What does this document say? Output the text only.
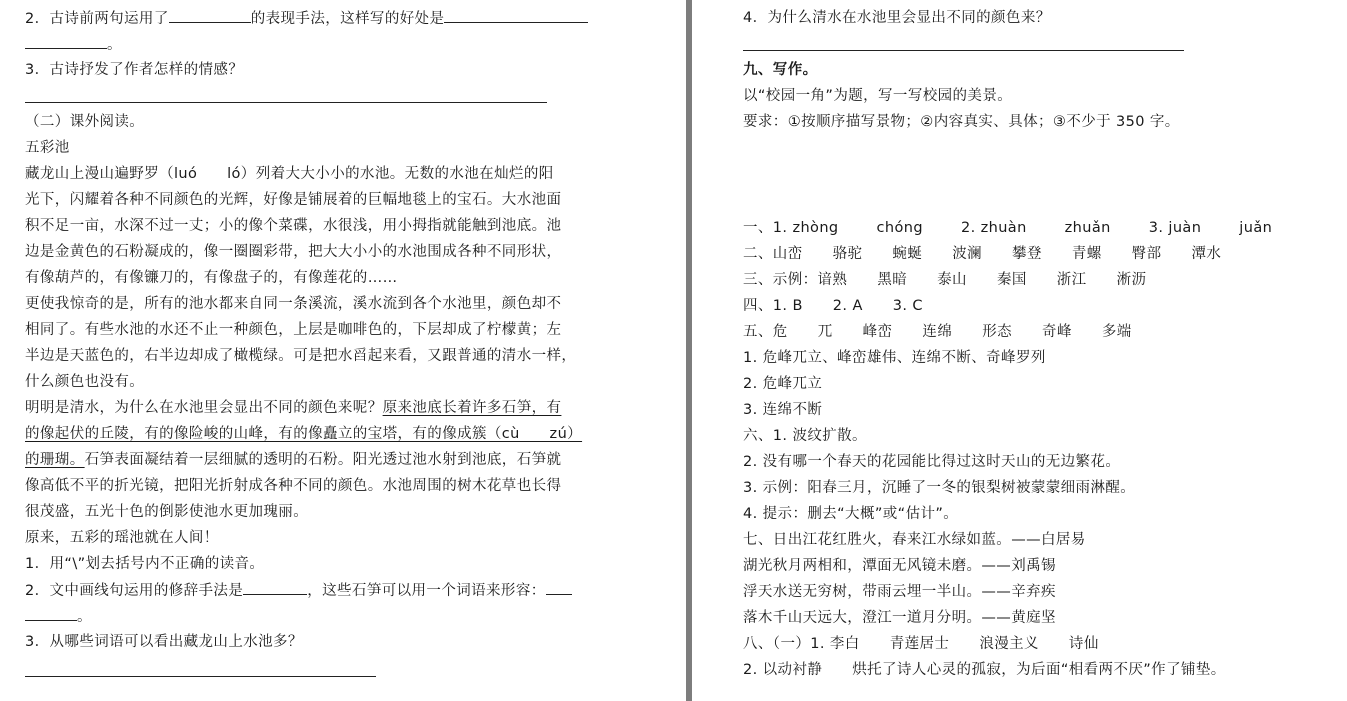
2．古诗前两句运用了	的表现手法，这样写的好处是
。
3．古诗抒发了作者怎样的情感？
（二）课外阅读。
五彩池
藏龙山上漫山遍野罗（luó　　ló）列着大大小小的水池。无数的水池在灿烂的阳
光下，闪耀着各种不同颜色的光辉，好像是铺展着的巨幅地毯上的宝石。大水池面
积不足一亩，水深不过一丈；小的像个菜碟，水很浅，用小拇指就能触到池底。池
边是金黄色的石粉凝成的，像一圈圈彩带，把大大小小的水池围成各种不同形状，
有像葫芦的，有像镰刀的，有像盘子的，有像莲花的……
更使我惊奇的是，所有的池水都来自同一条溪流，溪水流到各个水池里，颜色却不
相同了。有些水池的水还不止一种颜色，上层是咖啡色的，下层却成了柠檬黄；左
半边是天蓝色的，右半边却成了橄榄绿。可是把水舀起来看，又跟普通的清水一样，
什么颜色也没有。
明明是清水，为什么在水池里会显出不同的颜色来呢？原来池底长着许多石笋，有
的像起伏的丘陵，有的像险峻的山峰，有的像矗立的宝塔，有的像成簇（cù　　zú）
的珊瑚。石笋表面凝结着一层细腻的透明的石粉。阳光透过池水射到池底，石笋就
像高低不平的折光镜，把阳光折射成各种不同的颜色。水池周围的树木花草也长得
很茂盛，五光十色的倒影使池水更加瑰丽。
原来，五彩的瑶池就在人间！
1．用“\”划去括号内不正确的读音。
2．文中画线句运用的修辞手法是	，这些石笋可以用一个词语来形容：
。
3．从哪些词语可以看出藏龙山上水池多？
4．为什么清水在水池里会显出不同的颜色来？
九、写作。
以“校园一角”为题，写一写校园的美景。
要求：①按顺序描写景物；②内容真实、具体；③不少于 350 字。
一、1. zhòng	chóng	2. zhuàn	zhuǎn	3. juàn	juǎn
二、山峦 骆驼 蜿蜒 波澜 攀登 青螺 臀部 潭水
三、示例：谙熟 黑暗 泰山 秦国 浙江 淅沥
四、1. B 2. A 3. C
五、危 兀 峰峦 连绵 形态 奇峰 多端
1. 危峰兀立、峰峦雄伟、连绵不断、奇峰罗列
2. 危峰兀立
3. 连绵不断
六、1. 波纹扩散。
2. 没有哪一个春天的花园能比得过这时天山的无边繁花。
3. 示例：阳春三月，沉睡了一冬的银梨树被蒙蒙细雨淋醒。
4. 提示：删去“大概”或“估计”。
七、日出江花红胜火，春来江水绿如蓝。——白居易
湖光秋月两相和，潭面无风镜未磨。——刘禹锡
浮天水送无穷树，带雨云埋一半山。——辛弃疾
落木千山天远大，澄江一道月分明。——黄庭坚
八、（一）1. 李白 青莲居士 浪漫主义 诗仙
2. 以动衬静 烘托了诗人心灵的孤寂，为后面“相看两不厌”作了铺垫。
